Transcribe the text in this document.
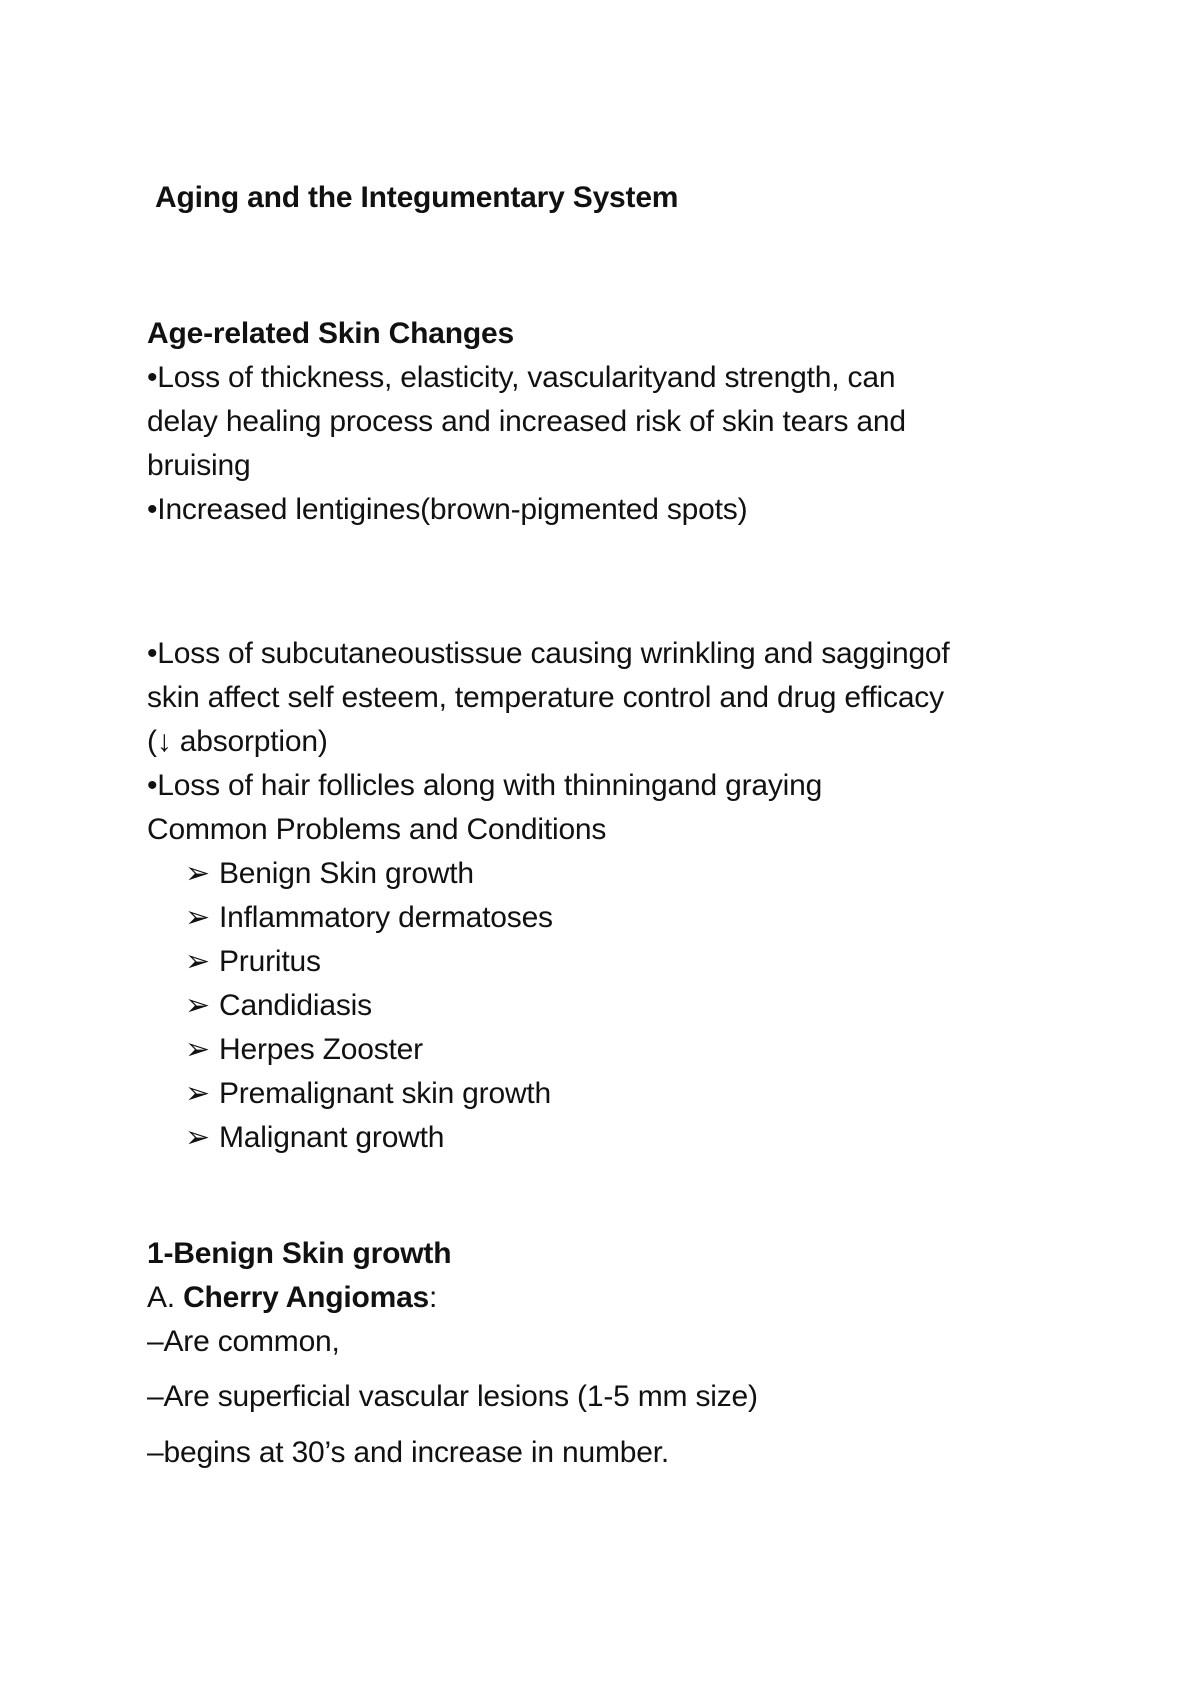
Aging and the Integumentary System
Age-related Skin Changes
•Loss of thickness, elasticity, vascularityand strength, can
delay healing process and increased risk of skin tears and
bruising
•Increased lentigines(brown-pigmented spots)
•Loss of subcutaneoustissue causing wrinkling and saggingof
skin affect self esteem, temperature control and drug efficacy
(↓ absorption)
•Loss of hair follicles along with thinningand graying
Common Problems and Conditions
➢ Benign Skin growth
➢ Inflammatory dermatoses
➢ Pruritus
➢ Candidiasis
➢ Herpes Zooster
➢ Premalignant skin growth
➢ Malignant growth
1-Benign Skin growth
A. Cherry Angiomas:
–Are common,
–Are superficial vascular lesions (1-5 mm size)
–begins at 30’s and increase in number.
